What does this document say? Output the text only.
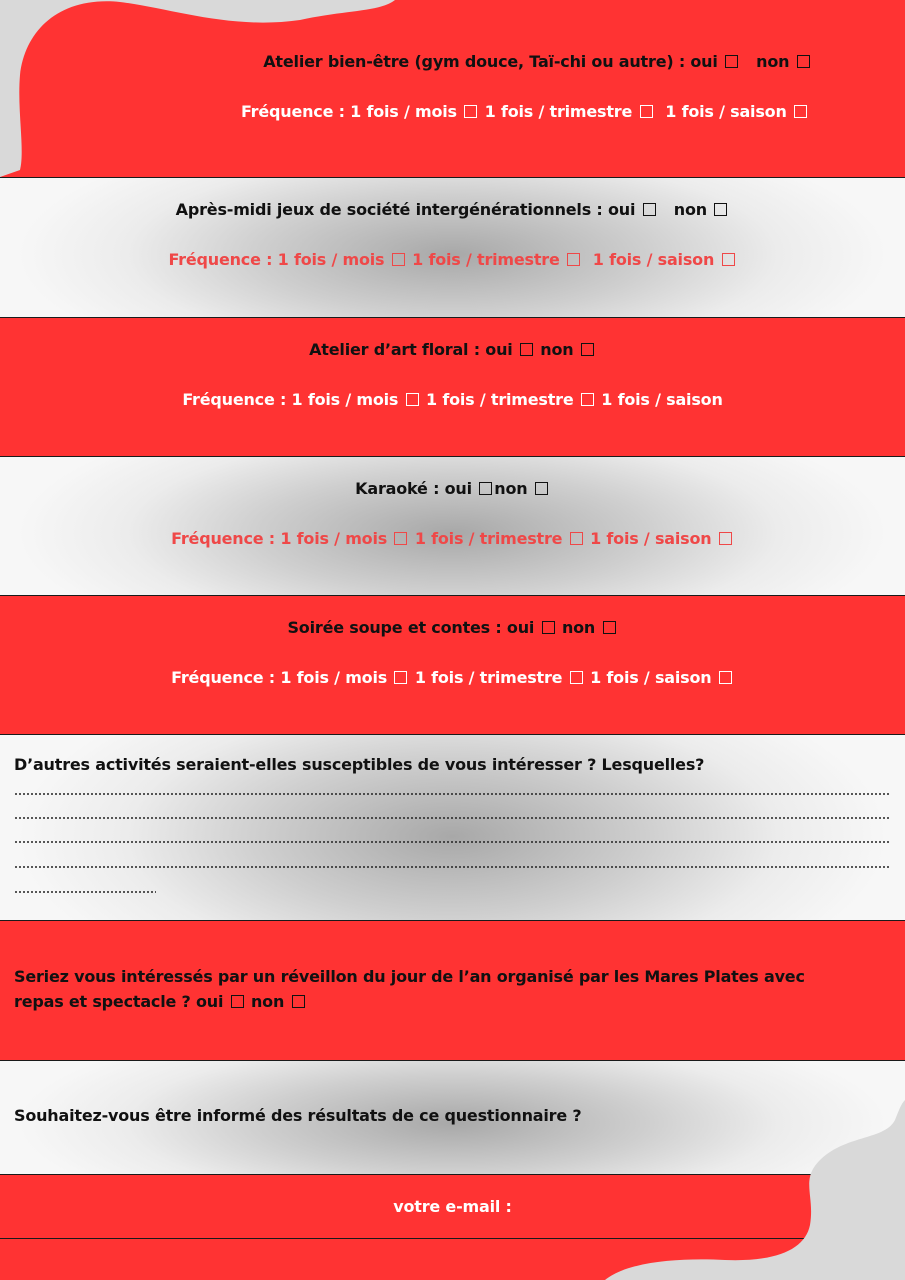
Atelier bien-être (gym douce, Taï-chi ou autre) : oui non
Fréquence : 1 fois / mois 1 fois / trimestre 1 fois / saison
Après-midi jeux de société intergénérationnels : oui non
Fréquence : 1 fois / mois 1 fois / trimestre 1 fois / saison
Atelier d’art floral : oui non
Fréquence : 1 fois / mois 1 fois / trimestre 1 fois / saison
Karaoké : oui non
Fréquence : 1 fois / mois 1 fois / trimestre 1 fois / saison
Soirée soupe et contes : oui non
Fréquence : 1 fois / mois 1 fois / trimestre 1 fois / saison
D’autres activités seraient-elles susceptibles de vous intéresser ? Lesquelles?
Seriez vous intéressés par un réveillon du jour de l’an organisé par les Mares Plates avec
repas et spectacle ? oui non
Souhaitez-vous être informé des résultats de ce questionnaire ?
votre e-mail :
